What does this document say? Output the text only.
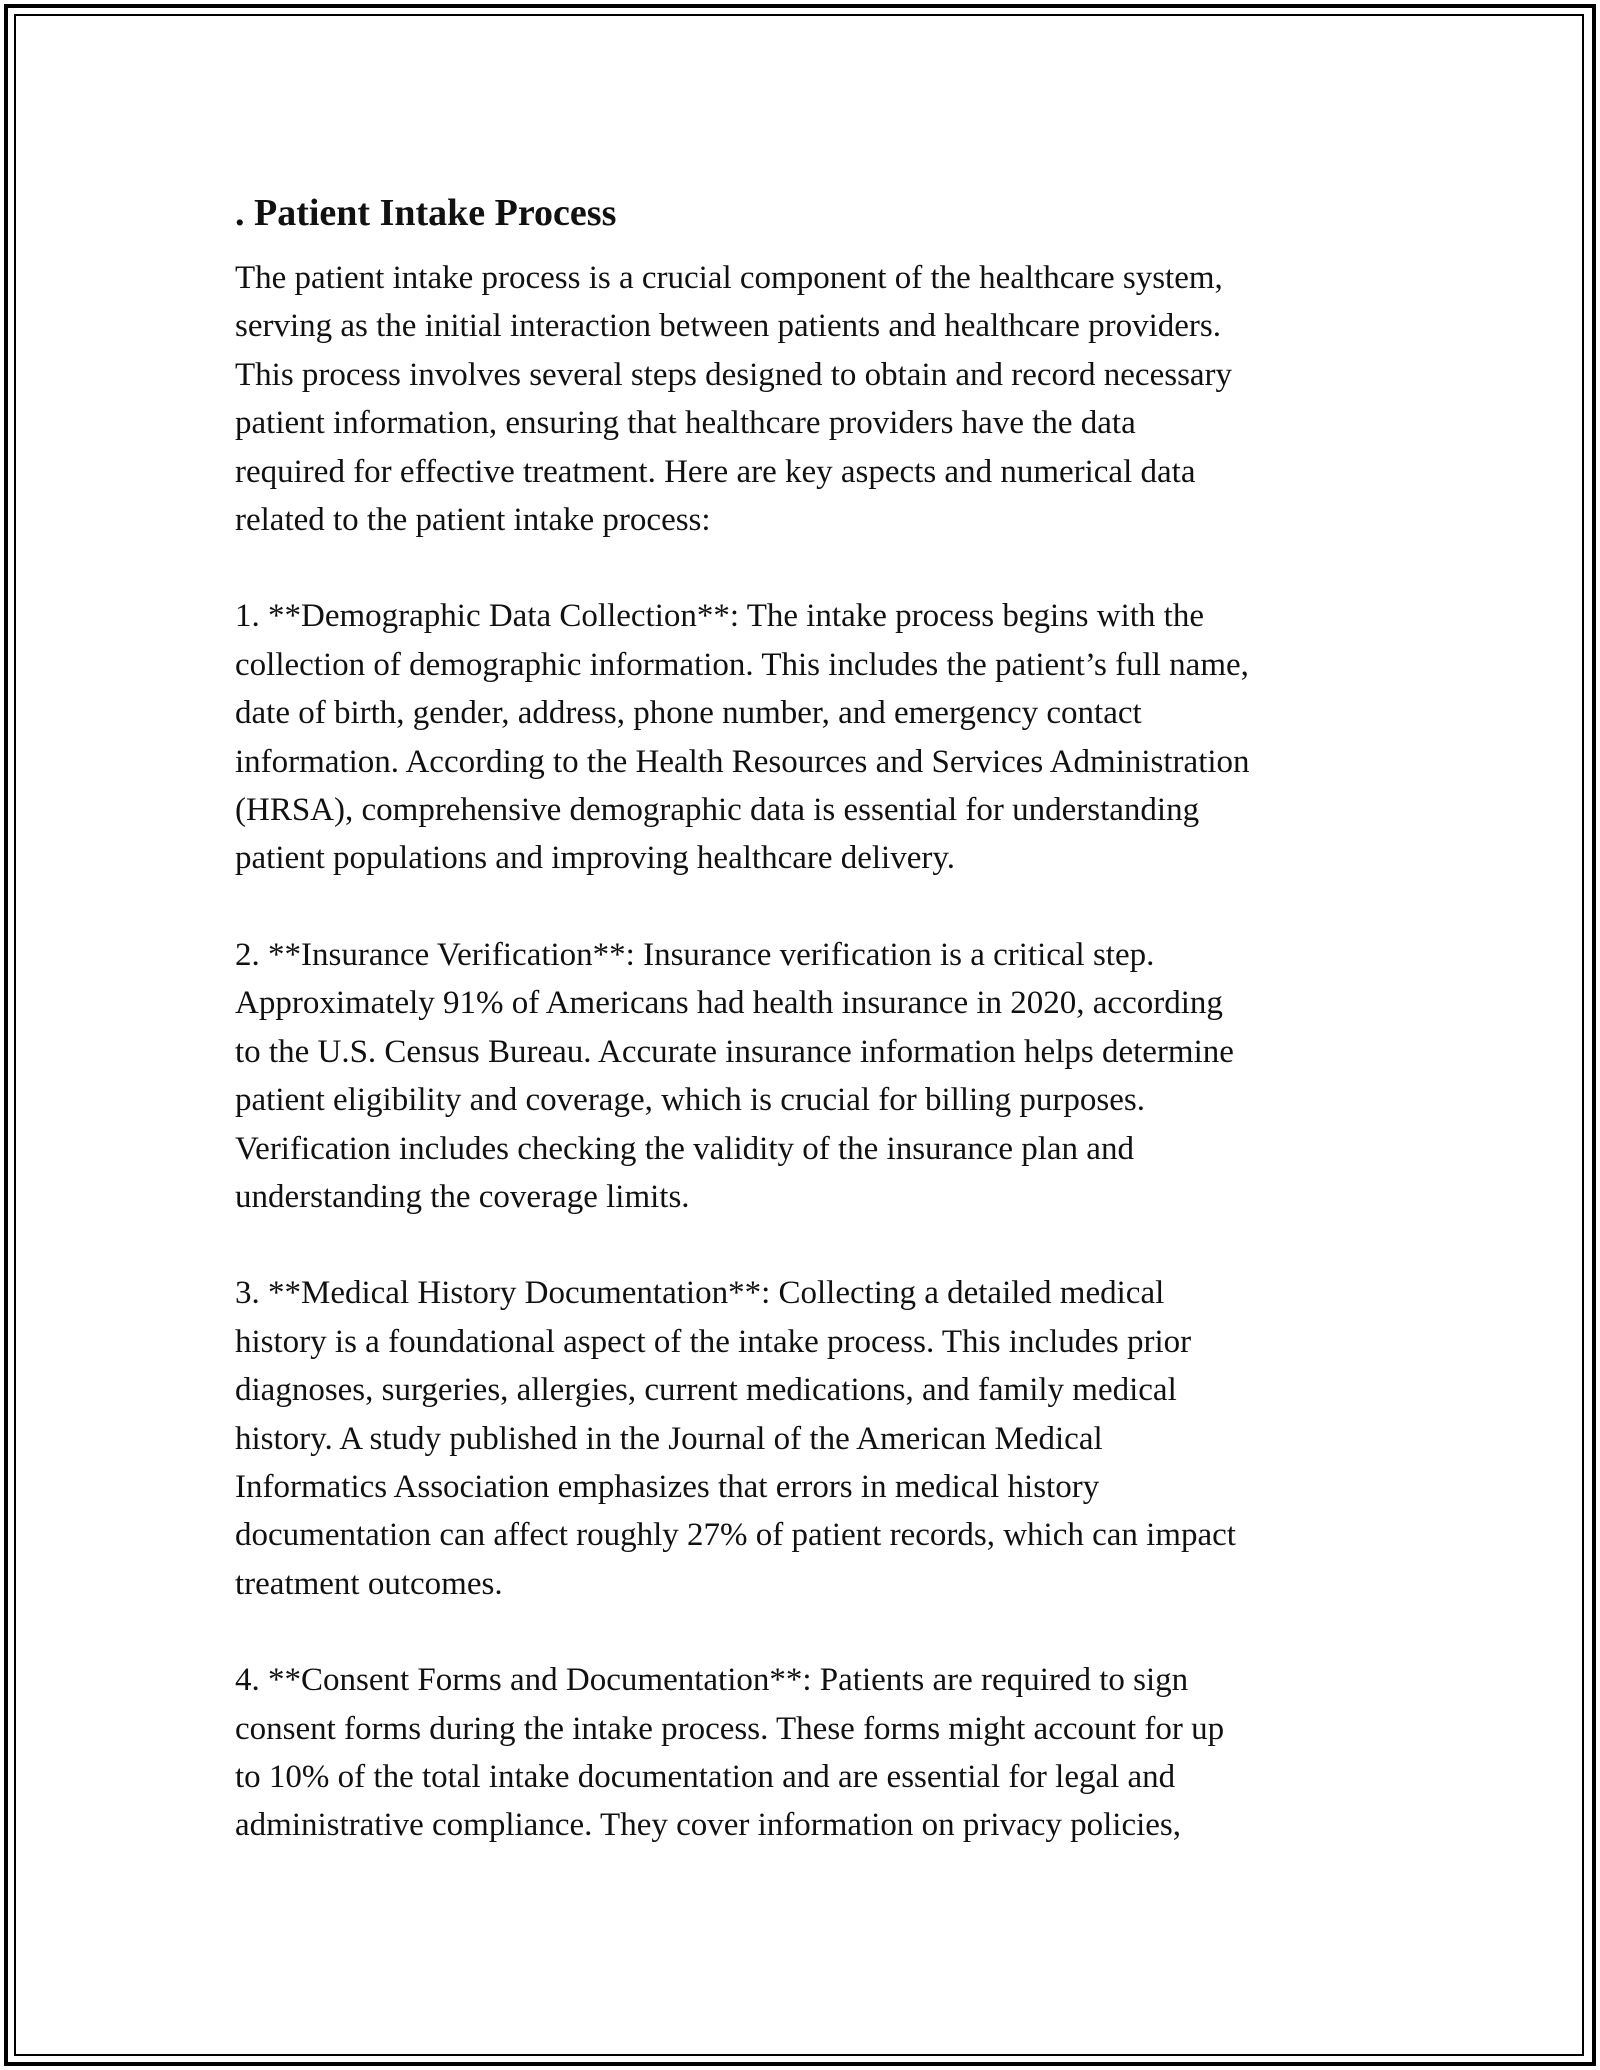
. Patient Intake Process
The patient intake process is a crucial component of the healthcare system,
serving as the initial interaction between patients and healthcare providers.
This process involves several steps designed to obtain and record necessary
patient information, ensuring that healthcare providers have the data
required for effective treatment. Here are key aspects and numerical data
related to the patient intake process:
1. **Demographic Data Collection**: The intake process begins with the
collection of demographic information. This includes the patient’s full name,
date of birth, gender, address, phone number, and emergency contact
information. According to the Health Resources and Services Administration
(HRSA), comprehensive demographic data is essential for understanding
patient populations and improving healthcare delivery.
2. **Insurance Verification**: Insurance verification is a critical step.
Approximately 91% of Americans had health insurance in 2020, according
to the U.S. Census Bureau. Accurate insurance information helps determine
patient eligibility and coverage, which is crucial for billing purposes.
Verification includes checking the validity of the insurance plan and
understanding the coverage limits.
3. **Medical History Documentation**: Collecting a detailed medical
history is a foundational aspect of the intake process. This includes prior
diagnoses, surgeries, allergies, current medications, and family medical
history. A study published in the Journal of the American Medical
Informatics Association emphasizes that errors in medical history
documentation can affect roughly 27% of patient records, which can impact
treatment outcomes.
4. **Consent Forms and Documentation**: Patients are required to sign
consent forms during the intake process. These forms might account for up
to 10% of the total intake documentation and are essential for legal and
administrative compliance. They cover information on privacy policies,
